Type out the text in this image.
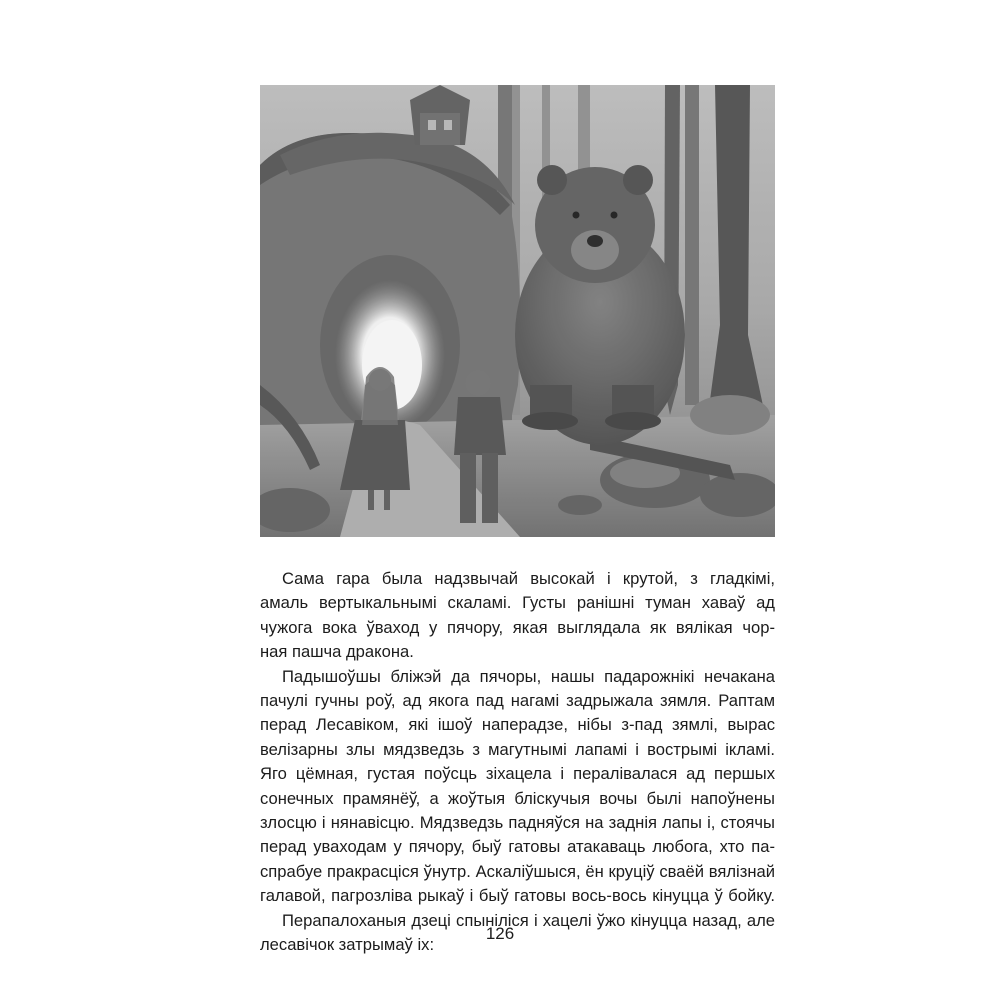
Сама гара была надзвычай высокай і крутой, з гладкімі,
амаль вертыкальнымі скаламі. Густы ранішні туман хаваў ад
чужога вока ўваход у пячору, якая выглядала як вялікая чор-
ная пашча дракона.

Падышоўшы бліжэй да пячоры, нашы падарожнікі нечакана
пачулі гучны роў, ад якога пад нагамі задрыжала зямля. Раптам
перад Лесавіком, які ішоў наперадзе, нібы з-пад зямлі, вырас
велізарны злы мядзведзь з магутнымі лапамі і вострымі ікламі.
Яго цёмная, густая поўсць зіхацела і пералівалася ад першых
сонечных прамянёў, а жоўтыя бліскучыя вочы былі напоўнены
злосцю і нянавісцю. Мядзведзь падняўся на заднія лапы і, стоячы
перад уваходам у пячору, быў гатовы атакаваць любога, хто па-
спрабуе пракрасціся ўнутр. Аскаліўшыся, ён круціў сваёй вялізнай
галавой, пагрозліва рыкаў і быў гатовы вось-вось кінуцца ў бойку.

Перапалоханыя дзеці спыніліся і хацелі ўжо кінуцца назад, але
лесавічок затрымаў іх:

126
